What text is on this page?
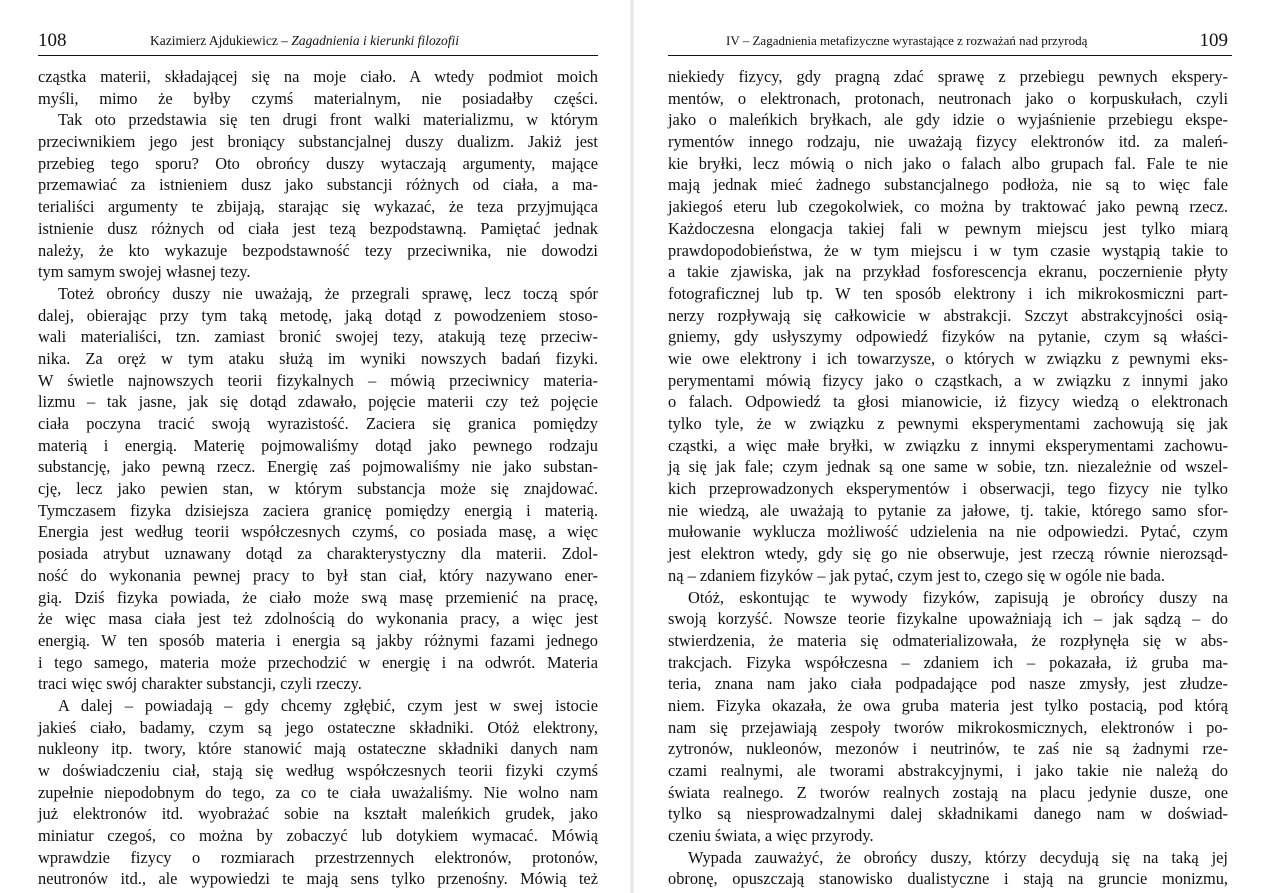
108	Kazimierz Ajdukiewicz – Zagadnienia i kierunki filozofii
cząstka materii, składającej się na moje ciało. A wtedy podmiot moich
myśli, mimo że byłby czymś materialnym, nie posiadałby części.
Tak oto przedstawia się ten drugi front walki materializmu, w którym
przeciwnikiem jego jest broniący substancjalnej duszy dualizm. Jakiż jest
przebieg tego sporu? Oto obrońcy duszy wytaczają argumenty, mające
przemawiać za istnieniem dusz jako substancji różnych od ciała, a ma-
terialiści argumenty te zbijają, starając się wykazać, że teza przyjmująca
istnienie dusz różnych od ciała jest tezą bezpodstawną. Pamiętać jednak
należy, że kto wykazuje bezpodstawność tezy przeciwnika, nie dowodzi
tym samym swojej własnej tezy.
Toteż obrońcy duszy nie uważają, że przegrali sprawę, lecz toczą spór
dalej, obierając przy tym taką metodę, jaką dotąd z powodzeniem stoso-
wali materialiści, tzn. zamiast bronić swojej tezy, atakują tezę przeciw-
nika. Za oręż w tym ataku służą im wyniki nowszych badań fizyki.
W świetle najnowszych teorii fizykalnych – mówią przeciwnicy materia-
lizmu – tak jasne, jak się dotąd zdawało, pojęcie materii czy też pojęcie
ciała poczyna tracić swoją wyrazistość. Zaciera się granica pomiędzy
materią i energią. Materię pojmowaliśmy dotąd jako pewnego rodzaju
substancję, jako pewną rzecz. Energię zaś pojmowaliśmy nie jako substan-
cję, lecz jako pewien stan, w którym substancja może się znajdować.
Tymczasem fizyka dzisiejsza zaciera granicę pomiędzy energią i materią.
Energia jest według teorii współczesnych czymś, co posiada masę, a więc
posiada atrybut uznawany dotąd za charakterystyczny dla materii. Zdol-
ność do wykonania pewnej pracy to był stan ciał, który nazywano ener-
gią. Dziś fizyka powiada, że ciało może swą masę przemienić na pracę,
że więc masa ciała jest też zdolnością do wykonania pracy, a więc jest
energią. W ten sposób materia i energia są jakby różnymi fazami jednego
i tego samego, materia może przechodzić w energię i na odwrót. Materia
traci więc swój charakter substancji, czyli rzeczy.
A dalej – powiadają – gdy chcemy zgłębić, czym jest w swej istocie
jakieś ciało, badamy, czym są jego ostateczne składniki. Otóż elektrony,
nukleony itp. twory, które stanowić mają ostateczne składniki danych nam
w doświadczeniu ciał, stają się według współczesnych teorii fizyki czymś
zupełnie niepodobnym do tego, za co te ciała uważaliśmy. Nie wolno nam
już elektronów itd. wyobrażać sobie na kształt maleńkich grudek, jako
miniatur czegoś, co można by zobaczyć lub dotykiem wymacać. Mówią
wprawdzie fizycy o rozmiarach przestrzennych elektronów, protonów,
neutronów itd., ale wypowiedzi te mają sens tylko przenośny. Mówią też
IV – Zagadnienia metafizyczne wyrastające z rozważań nad przyrodą	109
niekiedy fizycy, gdy pragną zdać sprawę z przebiegu pewnych ekspery-
mentów, o elektronach, protonach, neutronach jako o korpuskułach, czyli
jako o maleńkich bryłkach, ale gdy idzie o wyjaśnienie przebiegu ekspe-
rymentów innego rodzaju, nie uważają fizycy elektronów itd. za maleń-
kie bryłki, lecz mówią o nich jako o falach albo grupach fal. Fale te nie
mają jednak mieć żadnego substancjalnego podłoża, nie są to więc fale
jakiegoś eteru lub czegokolwiek, co można by traktować jako pewną rzecz.
Każdoczesna elongacja takiej fali w pewnym miejscu jest tylko miarą
prawdopodobieństwa, że w tym miejscu i w tym czasie wystąpią takie to
a takie zjawiska, jak na przykład fosforescencja ekranu, poczernienie płyty
fotograficznej lub tp. W ten sposób elektrony i ich mikrokosmiczni part-
nerzy rozpływają się całkowicie w abstrakcji. Szczyt abstrakcyjności osią-
gniemy, gdy usłyszymy odpowiedź fizyków na pytanie, czym są właści-
wie owe elektrony i ich towarzysze, o których w związku z pewnymi eks-
perymentami mówią fizycy jako o cząstkach, a w związku z innymi jako
o falach. Odpowiedź ta głosi mianowicie, iż fizycy wiedzą o elektronach
tylko tyle, że w związku z pewnymi eksperymentami zachowują się jak
cząstki, a więc małe bryłki, w związku z innymi eksperymentami zachowu-
ją się jak fale; czym jednak są one same w sobie, tzn. niezależnie od wszel-
kich przeprowadzonych eksperymentów i obserwacji, tego fizycy nie tylko
nie wiedzą, ale uważają to pytanie za jałowe, tj. takie, którego samo sfor-
mułowanie wyklucza możliwość udzielenia na nie odpowiedzi. Pytać, czym
jest elektron wtedy, gdy się go nie obserwuje, jest rzeczą równie nierozsąd-
ną – zdaniem fizyków – jak pytać, czym jest to, czego się w ogóle nie bada.
Otóż, eskontując te wywody fizyków, zapisują je obrońcy duszy na
swoją korzyść. Nowsze teorie fizykalne upoważniają ich – jak sądzą – do
stwierdzenia, że materia się odmaterializowała, że rozpłynęła się w abs-
trakcjach. Fizyka współczesna – zdaniem ich – pokazała, iż gruba ma-
teria, znana nam jako ciała podpadające pod nasze zmysły, jest złudze-
niem. Fizyka okazała, że owa gruba materia jest tylko postacią, pod którą
nam się przejawiają zespoły tworów mikrokosmicznych, elektronów i po-
zytronów, nukleonów, mezonów i neutrinów, te zaś nie są żadnymi rze-
czami realnymi, ale tworami abstrakcyjnymi, i jako takie nie należą do
świata realnego. Z tworów realnych zostają na placu jedynie dusze, one
tylko są niesprowadzalnymi dalej składnikami danego nam w doświad-
czeniu świata, a więc przyrody.
Wypada zauważyć, że obrońcy duszy, którzy decydują się na taką jej
obronę, opuszczają stanowisko dualistyczne i stają na gruncie monizmu,
